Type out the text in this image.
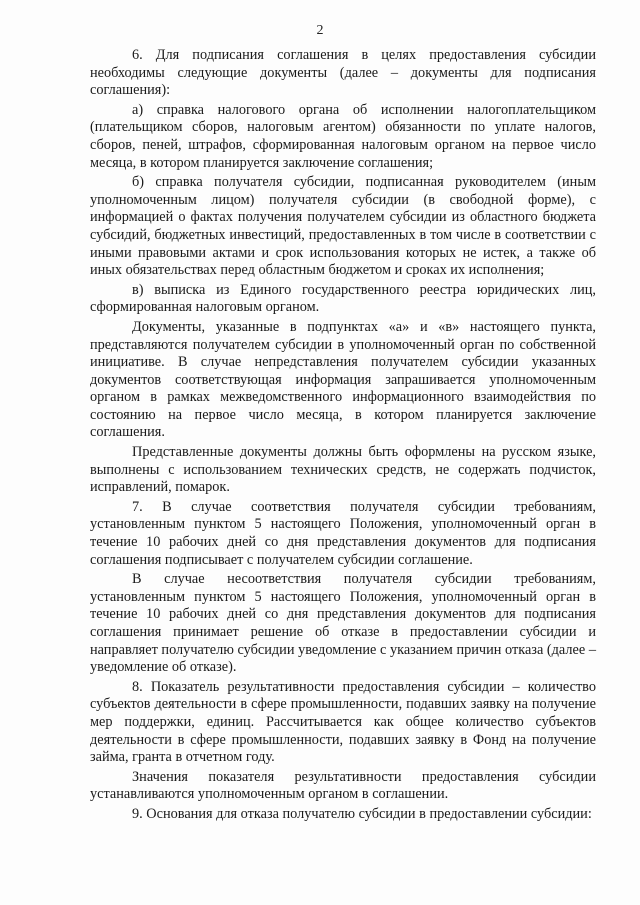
2

6. Для подписания соглашения в целях предоставления субсидии необходимы следующие документы (далее – документы для подписания соглашения):

а) справка налогового органа об исполнении налогоплательщиком (плательщиком сборов, налоговым агентом) обязанности по уплате налогов, сборов, пеней, штрафов, сформированная налоговым органом на первое число месяца, в котором планируется заключение соглашения;

б) справка получателя субсидии, подписанная руководителем (иным уполномоченным лицом) получателя субсидии (в свободной форме), с информацией о фактах получения получателем субсидии из областного бюджета субсидий, бюджетных инвестиций, предоставленных в том числе в соответствии с иными правовыми актами и срок использования которых не истек, а также об иных обязательствах перед областным бюджетом и сроках их исполнения;

в) выписка из Единого государственного реестра юридических лиц, сформированная налоговым органом.

Документы, указанные в подпунктах «а» и «в» настоящего пункта, представляются получателем субсидии в уполномоченный орган по собственной инициативе. В случае непредставления получателем субсидии указанных документов соответствующая информация запрашивается уполномоченным органом в рамках межведомственного информационного взаимодействия по состоянию на первое число месяца, в котором планируется заключение соглашения.

Представленные документы должны быть оформлены на русском языке, выполнены с использованием технических средств, не содержать подчисток, исправлений, помарок.

7. В случае соответствия получателя субсидии требованиям, установленным пунктом 5 настоящего Положения, уполномоченный орган в течение 10 рабочих дней со дня представления документов для подписания соглашения подписывает с получателем субсидии соглашение.

В случае несоответствия получателя субсидии требованиям, установленным пунктом 5 настоящего Положения, уполномоченный орган в течение 10 рабочих дней со дня представления документов для подписания соглашения принимает решение об отказе в предоставлении субсидии и направляет получателю субсидии уведомление с указанием причин отказа (далее – уведомление об отказе).

8. Показатель результативности предоставления субсидии – количество субъектов деятельности в сфере промышленности, подавших заявку на получение мер поддержки, единиц. Рассчитывается как общее количество субъектов деятельности в сфере промышленности, подавших заявку в Фонд на получение займа, гранта в отчетном году.

Значения показателя результативности предоставления субсидии устанавливаются уполномоченным органом в соглашении.

9. Основания для отказа получателю субсидии в предоставлении субсидии:
